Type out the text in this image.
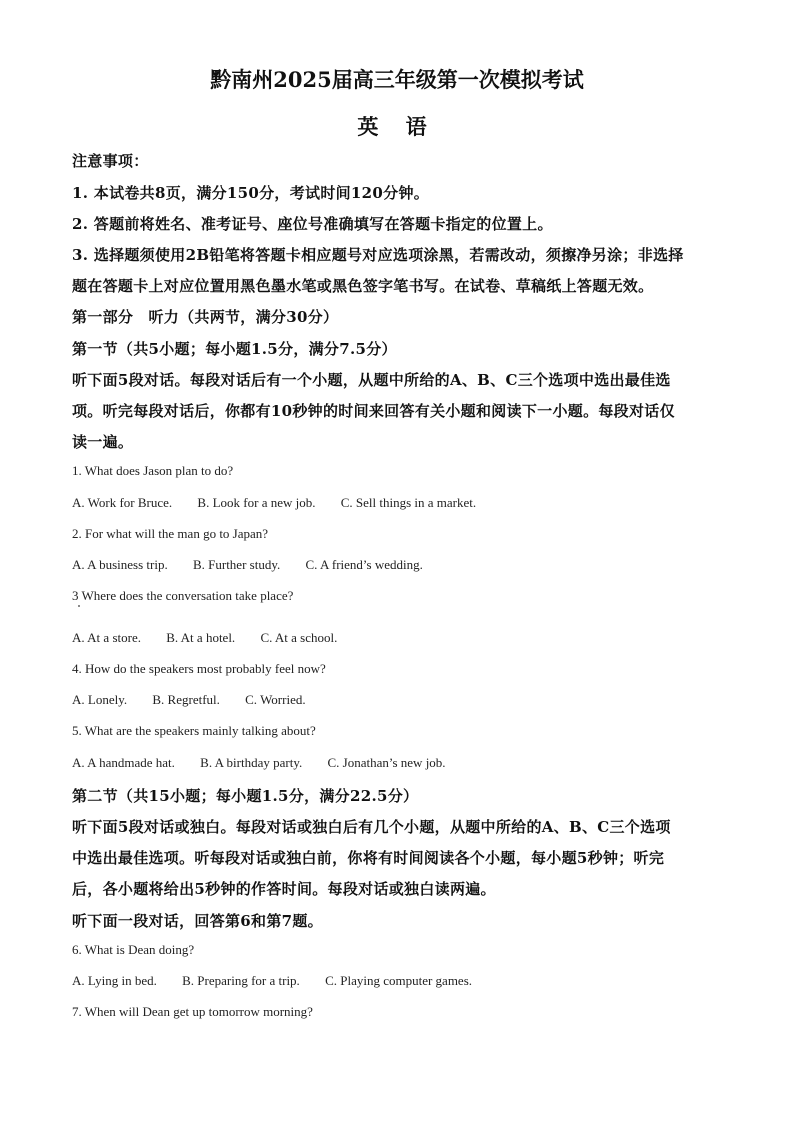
黔南州2025届高三年级第一次模拟考试
英 语
注意事项：
1. 本试卷共8页，满分150分，考试时间120分钟。
2. 答题前将姓名、准考证号、座位号准确填写在答题卡指定的位置上。
3. 选择题须使用2B铅笔将答题卡相应题号对应选项涂黑，若需改动，须擦净另涂；非选择
题在答题卡上对应位置用黑色墨水笔或黑色签字笔书写。在试卷、草稿纸上答题无效。
第一部分　听力（共两节，满分30分）
第一节（共5小题；每小题1.5分，满分7.5分）
听下面5段对话。每段对话后有一个小题，从题中所给的A、B、C三个选项中选出最佳选
项。听完每段对话后，你都有10秒钟的时间来回答有关小题和阅读下一小题。每段对话仅
读一遍。
1. What does Jason plan to do?
A. Work for Bruce. B. Look for a new job. C. Sell things in a market.
2. For what will the man go to Japan?
A. A business trip. B. Further study. C. A friend’s wedding.
3 Where does the conversation take place?
A. At a store. B. At a hotel. C. At a school.
4. How do the speakers most probably feel now?
A. Lonely. B. Regretful. C. Worried.
5. What are the speakers mainly talking about?
A. A handmade hat. B. A birthday party. C. Jonathan’s new job.
第二节（共15小题；每小题1.5分，满分22.5分）
听下面5段对话或独白。每段对话或独白后有几个小题，从题中所给的A、B、C三个选项
中选出最佳选项。听每段对话或独白前，你将有时间阅读各个小题，每小题5秒钟；听完
后，各小题将给出5秒钟的作答时间。每段对话或独白读两遍。
听下面一段对话，回答第6和第7题。
6. What is Dean doing?
A. Lying in bed. B. Preparing for a trip. C. Playing computer games.
7. When will Dean get up tomorrow morning?
